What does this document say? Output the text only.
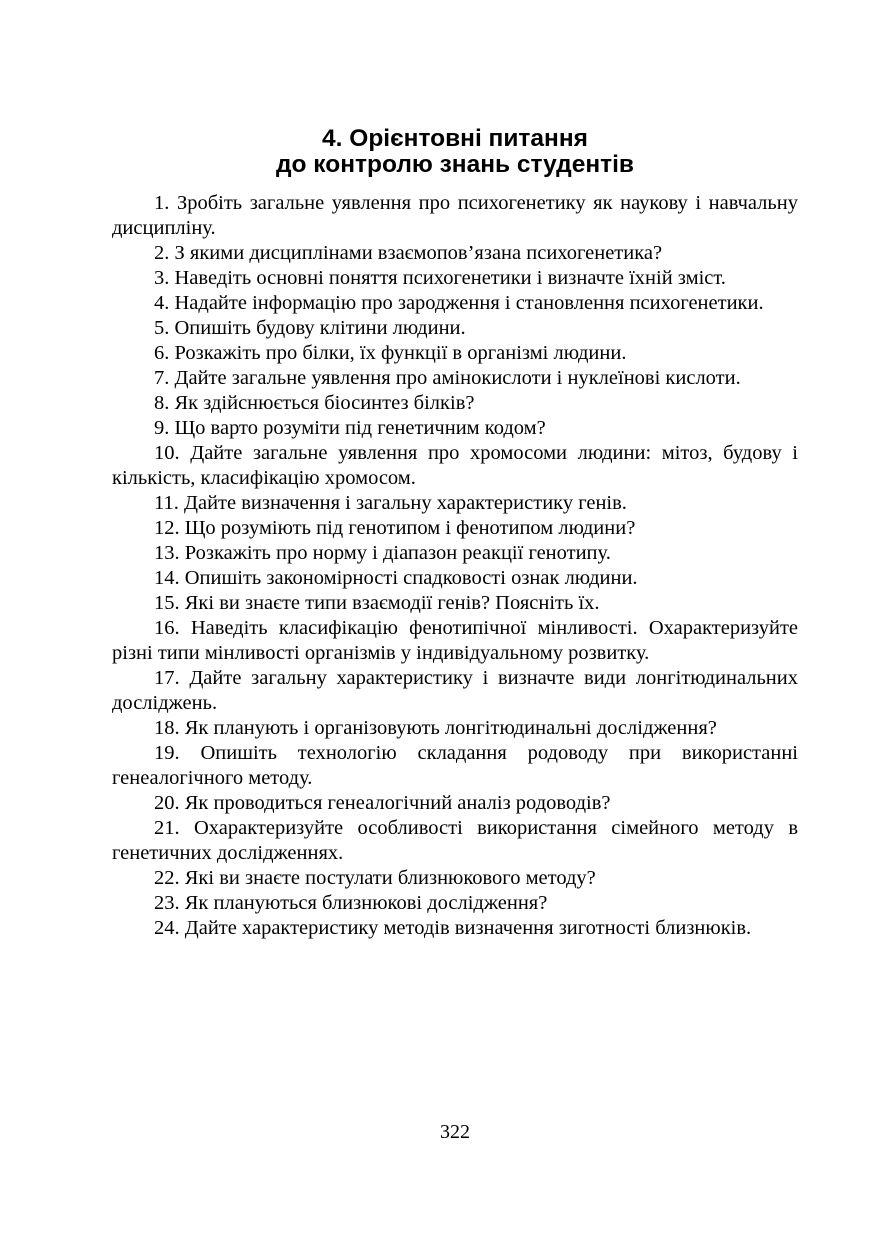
4. Орієнтовні питання
до контролю знань студентів
1. Зробіть загальне уявлення про психогенетику як наукову і навчальну дисципліну.
2. З якими дисциплінами взаємопов’язана психогенетика?
3. Наведіть основні поняття психогенетики і визначте їхній зміст.
4. Надайте інформацію про зародження і становлення психогенетики.
5. Опишіть будову клітини людини.
6. Розкажіть про білки, їх функції в організмі людини.
7. Дайте загальне уявлення про амінокислоти і нуклеїнові кислоти.
8. Як здійснюється біосинтез білків?
9. Що варто розуміти під генетичним кодом?
10. Дайте загальне уявлення про хромосоми людини: мітоз, будову і кількість, класифікацію хромосом.
11. Дайте визначення і загальну характеристику генів.
12. Що розуміють під генотипом і фенотипом людини?
13. Розкажіть про норму і діапазон реакції генотипу.
14. Опишіть закономірності спадковості ознак людини.
15. Які ви знаєте типи взаємодії генів? Поясніть їх.
16. Наведіть класифікацію фенотипічної мінливості. Охарактеризуйте різні типи мінливості організмів у індивідуальному розвитку.
17. Дайте загальну характеристику і визначте види лонгітюдинальних досліджень.
18. Як планують і організовують лонгітюдинальні дослідження?
19. Опишіть технологію складання родоводу при використанні генеалогічного методу.
20. Як проводиться генеалогічний аналіз родоводів?
21. Охарактеризуйте особливості використання сімейного методу в генетичних дослідженнях.
22. Які ви знаєте постулати близнюкового методу?
23. Як плануються близнюкові дослідження?
24. Дайте характеристику методів визначення зиготності близнюків.
322
